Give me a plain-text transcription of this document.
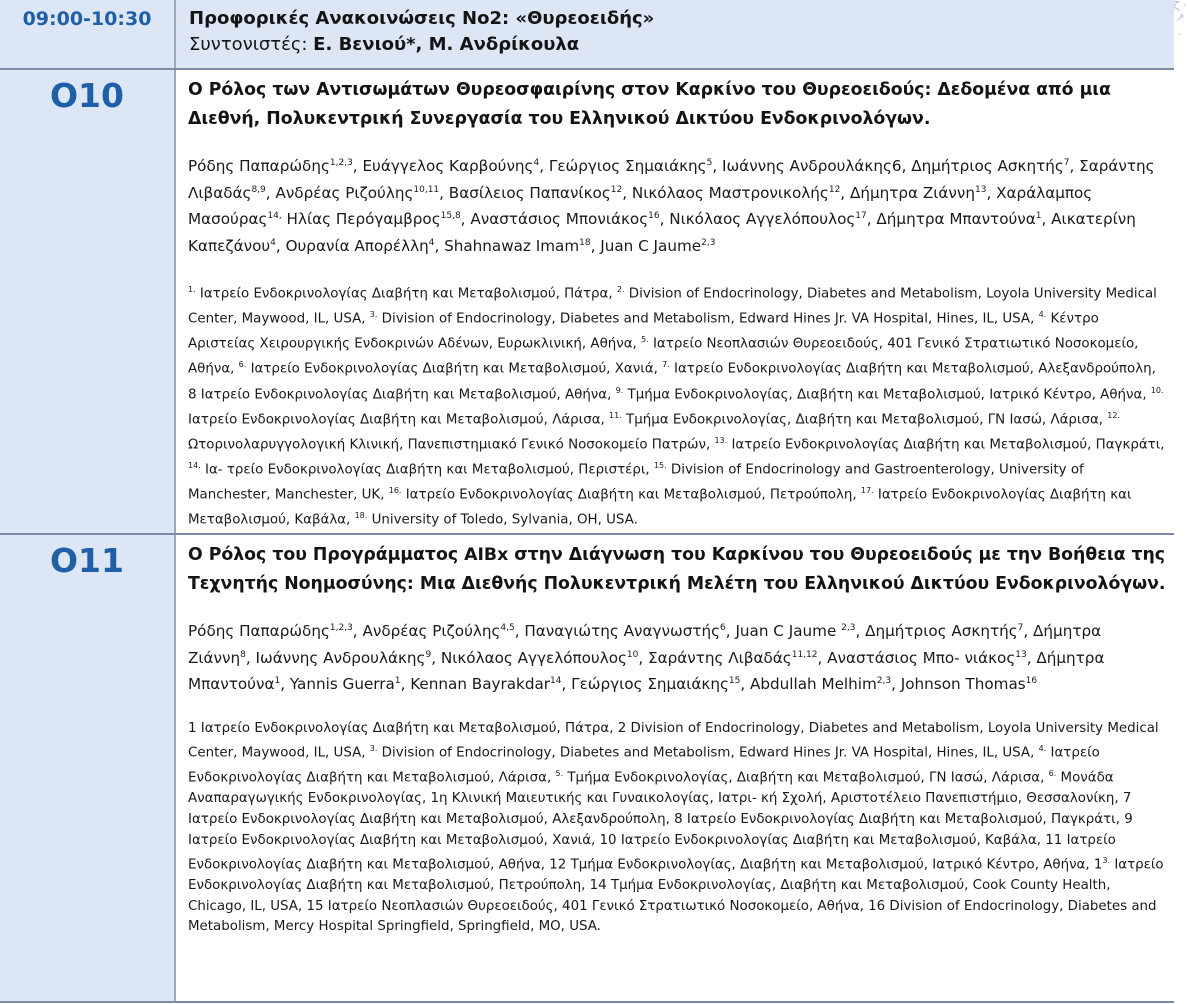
ζ ⋅ ↗ ˎ
09:00-10:30	Προφορικές Ανακοινώσεις Νο2: «Θυρεοειδής»
Συντονιστές: Ε. Βενιού*, Μ. Ανδρίκουλα
O10	Ο Ρόλος των Αντισωμάτων Θυρεοσφαιρίνης στον Καρκίνο του Θυρεοειδούς: Δεδομένα από μια Διεθνή, Πολυκεντρική Συνεργασία του Ελληνικού Δικτύου Ενδοκρινολόγων.
Ρόδης Παπαρώδης$^{1,2,3}$, Ευάγγελος Καρβούνης$^4$, Γεώργιος Σημαιάκης$^5$, Ιωάννης Ανδρουλάκης6, Δημήτριος Ασκητής$^7$, Σαράντης Λιβαδάς$^{8,9}$, Ανδρέας Ριζούλης$^{10,11}$, Βασίλειος Παπανίκος$^{12}$, Νικόλαος Μαστρονικολής$^{12}$, Δήμητρα Ζιάννη$^{13}$, Χαράλαμπος Μασούρας$^{14,}$ Ηλίας Περόγαμβρος$^{15,8}$, Αναστάσιος Μπονιάκος$^{16}$, Νικόλαος Αγγελόπουλος$^{17}$, Δήμητρα Μπαντούνα$^1$, Αικατερίνη Καπεζάνου$^4$, Ουρανία Απορέλλη$^4$, Shahnawaz Imam$^{18}$, Juan C Jaume$^{2,3}$
$^{1.}$ Ιατρείο Ενδοκρινολογίας Διαβήτη και Μεταβολισμού, Πάτρα, $^{2.}$ Division of Endocrinology, Diabetes and Metabolism, Loyola University Medical Center, Maywood, IL, USA, $^{3.}$ Division of Endocrinology, Diabetes and Metabolism, Edward Hines Jr. VA Hospital, Hines, IL, USA, $^{4.}$ Κέντρο Αριστείας Χειρουργικής Ενδοκρινών Αδένων, Ευρωκλινική, Αθήνα, $^{5.}$ Ιατρείο Νεοπλασιών Θυρεοειδούς, 401 Γενικό Στρατιωτικό Νοσοκομείο, Αθήνα, $^{6.}$ Ιατρείο Ενδοκρινολογίας Διαβήτη και Μεταβολισμού, Χανιά, $^{7.}$ Ιατρείο Ενδοκρινολογίας Διαβήτη και Μεταβολισμού, Αλεξανδρούπολη, 8 Ιατρείο Ενδοκρινολογίας Διαβήτη και Μεταβολισμού, Αθήνα, $^{9.}$ Τμήμα Ενδοκρινολογίας, Διαβήτη και Μεταβολισμού, Ιατρικό Κέντρο, Αθήνα, $^{10.}$ Ιατρείο Ενδοκρινολογίας Διαβήτη και Μεταβολισμού, Λάρισα, $^{11.}$ Τμήμα Ενδοκρινολογίας, Διαβήτη και Μεταβολισμού, ΓΝ Ιασώ, Λάρισα, $^{12.}$ Ωτορινολαρυγγολογική Κλινική, Πανεπιστημιακό Γενικό Νοσοκομείο Πατρών, $^{13.}$ Ιατρείο Ενδοκρινολογίας Διαβήτη και Μεταβολισμού, Παγκράτι, $^{14.}$ Ια- τρείο Ενδοκρινολογίας Διαβήτη και Μεταβολισμού, Περιστέρι, $^{15.}$ Division of Endocrinology and Gastroenterology, University of Manchester, Manchester, UK, $^{16.}$ Ιατρείο Ενδοκρινολογίας Διαβήτη και Μεταβολισμού, Πετρούπολη, $^{17.}$ Ιατρείο Ενδοκρινολογίας Διαβήτη και Μεταβολισμού, Καβάλα, $^{18.}$ University of Toledo, Sylvania, OH, USA.
O11	Ο Ρόλος του Προγράμματος AIBx στην Διάγνωση του Καρκίνου του Θυρεοειδούς με την Βοήθεια της Τεχνητής Νοημοσύνης: Μια Διεθνής Πολυκεντρική Μελέτη του Ελληνικού Δικτύου Ενδοκρινολόγων.
Ρόδης Παπαρώδης$^{1,2,3}$, Ανδρέας Ριζούλης$^{4,5}$, Παναγιώτης Αναγνωστής$^6$, Juan C Jaume $^{2,3}$, Δημήτριος Ασκητής$^7$, Δήμητρα Ζιάννη$^8$, Ιωάννης Ανδρουλάκης$^9$, Νικόλαος Αγγελόπουλος$^{10}$, Σαράντης Λιβαδάς$^{11,12}$, Αναστάσιος Μπο- νιάκος$^{13}$, Δήμητρα Μπαντούνα$^1$, Yannis Guerra$^1$, Kennan Bayrakdar$^{14}$, Γεώργιος Σημαιάκης$^{15}$, Abdullah Melhim$^{2,3}$, Johnson Thomas$^{16}$
1 Ιατρείο Ενδοκρινολογίας Διαβήτη και Μεταβολισμού, Πάτρα, 2 Division of Endocrinology, Diabetes and Metabolism, Loyola University Medical Center, Maywood, IL, USA, $^{3.}$ Division of Endocrinology, Diabetes and Metabolism, Edward Hines Jr. VA Hospital, Hines, IL, USA, $^{4.}$ Ιατρείο Ενδοκρινολογίας Διαβήτη και Μεταβολισμού, Λάρισα, $^{5.}$ Τμήμα Ενδοκρινολογίας, Διαβήτη και Μεταβολισμού, ΓΝ Ιασώ, Λάρισα, $^{6.}$ Μονάδα Αναπαραγωγικής Ενδοκρινολογίας, 1η Κλινική Μαιευτικής και Γυναικολογίας, Ιατρι- κή Σχολή, Αριστοτέλειο Πανεπιστήμιο, Θεσσαλονίκη, 7 Ιατρείο Ενδοκρινολογίας Διαβήτη και Μεταβολισμού, Αλεξανδρούπολη, 8 Ιατρείο Ενδοκρινολογίας Διαβήτη και Μεταβολισμού, Παγκράτι, 9 Ιατρείο Ενδοκρινολογίας Διαβήτη και Μεταβολισμού, Χανιά, 10 Ιατρείο Ενδοκρινολογίας Διαβήτη και Μεταβολισμού, Καβάλα, 11 Ιατρείο Ενδοκρινολογίας Διαβήτη και Μεταβολισμού, Αθήνα, 12 Τμήμα Ενδοκρινολογίας, Διαβήτη και Μεταβολισμού, Ιατρικό Κέντρο, Αθήνα, $1^{3.}$ Ιατρείο Ενδοκρινολογίας Διαβήτη και Μεταβολισμού, Πετρούπολη, 14 Τμήμα Ενδοκρινολογίας, Διαβήτη και Μεταβολισμού, Cook County Health, Chicago, IL, USA, 15 Ιατρείο Νεοπλασιών Θυρεοειδούς, 401 Γενικό Στρατιωτικό Νοσοκομείο, Αθήνα, 16 Division of Endocrinology, Diabetes and Metabolism, Mercy Hospital Springfield, Springfield, MO, USA.
